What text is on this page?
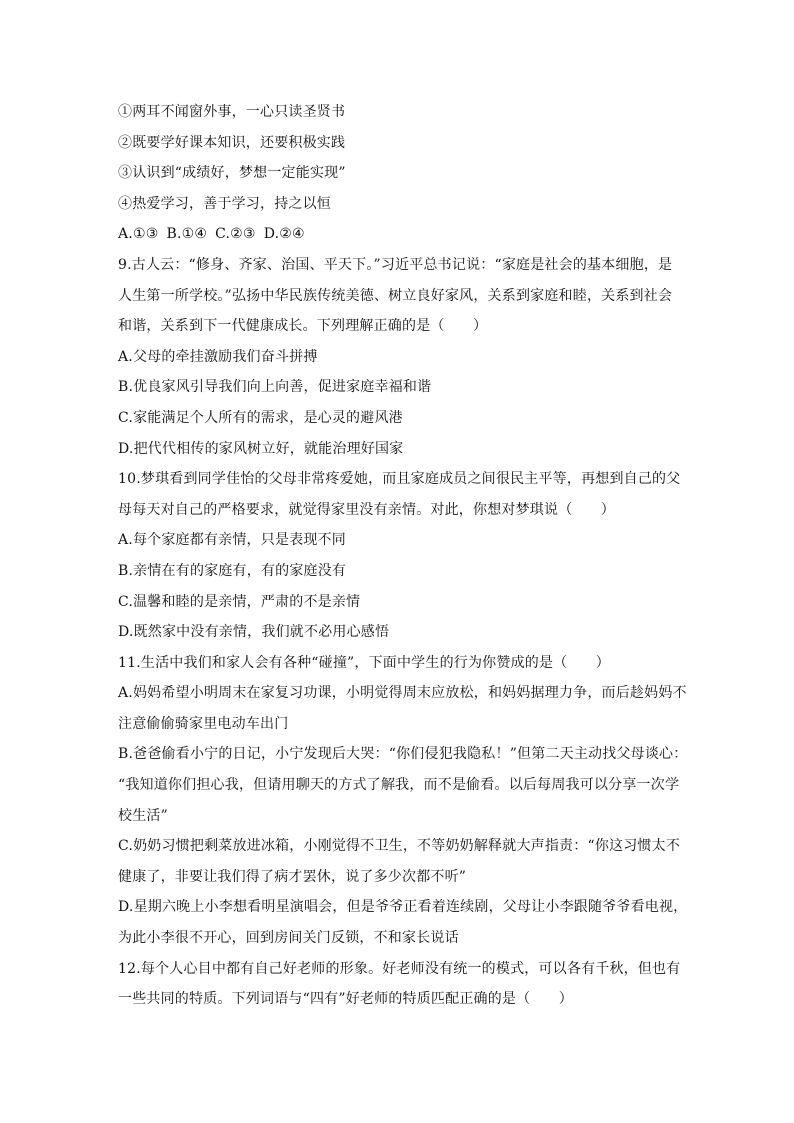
①两耳不闻窗外事，一心只读圣贤书
②既要学好课本知识，还要积极实践
③认识到“成绩好，梦想一定能实现”
④热爱学习，善于学习，持之以恒
A.①③ B.①④ C.②③ D.②④
9.古人云：“修身、齐家、治国、平天下。”习近平总书记说：“家庭是社会的基本细胞，是
人生第一所学校。”弘扬中华民族传统美德、树立良好家风，关系到家庭和睦，关系到社会
和谐，关系到下一代健康成长。下列理解正确的是（　　）
A.父母的牵挂激励我们奋斗拼搏
B.优良家风引导我们向上向善，促进家庭幸福和谐
C.家能满足个人所有的需求，是心灵的避风港
D.把代代相传的家风树立好，就能治理好国家
10.梦琪看到同学佳怡的父母非常疼爱她，而且家庭成员之间很民主平等，再想到自己的父
母每天对自己的严格要求，就觉得家里没有亲情。对此，你想对梦琪说（　　）
A.每个家庭都有亲情，只是表现不同
B.亲情在有的家庭有，有的家庭没有
C.温馨和睦的是亲情，严肃的不是亲情
D.既然家中没有亲情，我们就不必用心感悟
11.生活中我们和家人会有各种“碰撞”，下面中学生的行为你赞成的是（　　）
A.妈妈希望小明周末在家复习功课，小明觉得周末应放松，和妈妈据理力争，而后趁妈妈不
注意偷偷骑家里电动车出门
B.爸爸偷看小宁的日记，小宁发现后大哭：“你们侵犯我隐私！”但第二天主动找父母谈心：
“我知道你们担心我，但请用聊天的方式了解我，而不是偷看。以后每周我可以分享一次学
校生活”
C.奶奶习惯把剩菜放进冰箱，小刚觉得不卫生，不等奶奶解释就大声指责：“你这习惯太不
健康了，非要让我们得了病才罢休，说了多少次都不听”
D.星期六晚上小李想看明星演唱会，但是爷爷正看着连续剧，父母让小李跟随爷爷看电视，
为此小李很不开心，回到房间关门反锁，不和家长说话
12.每个人心目中都有自己好老师的形象。好老师没有统一的模式，可以各有千秋，但也有
一些共同的特质。下列词语与“四有”好老师的特质匹配正确的是（　　）
